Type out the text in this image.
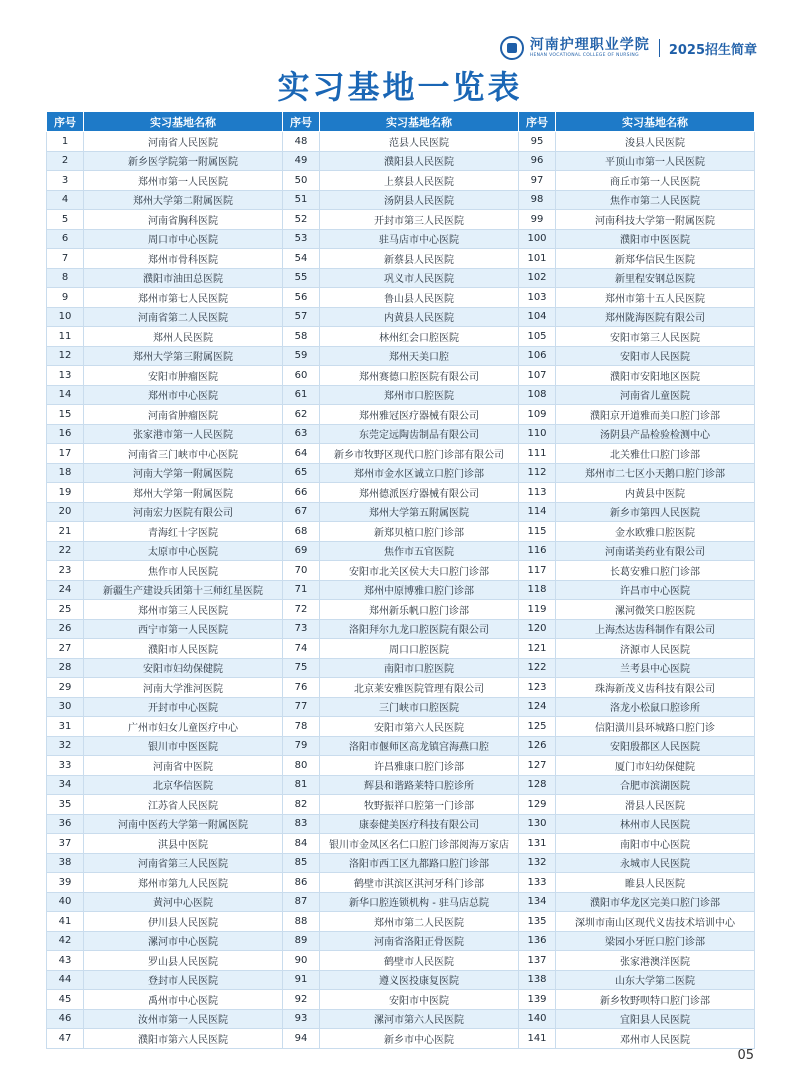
河南护理职业学院
HENAN VOCATIONAL COLLEGE OF NURSING	2025招生简章
实习基地一览表
序号	实习基地名称	序号	实习基地名称	序号	实习基地名称
1	河南省人民医院	48	范县人民医院	95	浚县人民医院
2	新乡医学院第一附属医院	49	濮阳县人民医院	96	平顶山市第一人民医院
3	郑州市第一人民医院	50	上蔡县人民医院	97	商丘市第一人民医院
4	郑州大学第二附属医院	51	汤阴县人民医院	98	焦作市第二人民医院
5	河南省胸科医院	52	开封市第三人民医院	99	河南科技大学第一附属医院
6	周口市中心医院	53	驻马店市中心医院	100	濮阳市中医医院
7	郑州市骨科医院	54	新蔡县人民医院	101	新郑华信民生医院
8	濮阳市油田总医院	55	巩义市人民医院	102	新里程安钢总医院
9	郑州市第七人民医院	56	鲁山县人民医院	103	郑州市第十五人民医院
10	河南省第二人民医院	57	内黄县人民医院	104	郑州陇海医院有限公司
11	郑州人民医院	58	林州红会口腔医院	105	安阳市第三人民医院
12	郑州大学第三附属医院	59	郑州天美口腔	106	安阳市人民医院
13	安阳市肿瘤医院	60	郑州赛德口腔医院有限公司	107	濮阳市安阳地区医院
14	郑州市中心医院	61	郑州市口腔医院	108	河南省儿童医院
15	河南省肿瘤医院	62	郑州雅冠医疗器械有限公司	109	濮阳京开道雅而美口腔门诊部
16	张家港市第一人民医院	63	东莞定远陶齿制品有限公司	110	汤阴县产品检验检测中心
17	河南省三门峡市中心医院	64	新乡市牧野区现代口腔门诊部有限公司	111	北关雅仕口腔门诊部
18	河南大学第一附属医院	65	郑州市金水区诚立口腔门诊部	112	郑州市二七区小天鹅口腔门诊部
19	郑州大学第一附属医院	66	郑州德派医疗器械有限公司	113	内黄县中医院
20	河南宏力医院有限公司	67	郑州大学第五附属医院	114	新乡市第四人民医院
21	青海红十字医院	68	新郑贝植口腔门诊部	115	金水欧雅口腔医院
22	太原市中心医院	69	焦作市五官医院	116	河南诺美药业有限公司
23	焦作市人民医院	70	安阳市北关区侯大夫口腔门诊部	117	长葛安雅口腔门诊部
24	新疆生产建设兵团第十三师红星医院	71	郑州中原博雅口腔门诊部	118	许昌市中心医院
25	郑州市第三人民医院	72	郑州新乐帆口腔门诊部	119	漯河微笑口腔医院
26	西宁市第一人民医院	73	洛阳拜尔九龙口腔医院有限公司	120	上海杰达齿科制作有限公司
27	濮阳市人民医院	74	周口口腔医院	121	济源市人民医院
28	安阳市妇幼保健院	75	南阳市口腔医院	122	兰考县中心医院
29	河南大学淮河医院	76	北京莱安雅医院管理有限公司	123	珠海新茂义齿科技有限公司
30	开封市中心医院	77	三门峡市口腔医院	124	洛龙小松鼠口腔诊所
31	广州市妇女儿童医疗中心	78	安阳市第六人民医院	125	信阳潢川县环城路口腔门诊
32	银川市中医医院	79	洛阳市偃师区高龙镇宫海燕口腔	126	安阳殷都区人民医院
33	河南省中医院	80	许昌雅康口腔门诊部	127	厦门市妇幼保健院
34	北京华信医院	81	辉县和谐路莱特口腔诊所	128	合肥市滨湖医院
35	江苏省人民医院	82	牧野振祥口腔第一门诊部	129	滑县人民医院
36	河南中医药大学第一附属医院	83	康泰健美医疗科技有限公司	130	林州市人民医院
37	淇县中医院	84	银川市金凤区名仁口腔门诊部阅海万家店	131	南阳市中心医院
38	河南省第三人民医院	85	洛阳市西工区九都路口腔门诊部	132	永城市人民医院
39	郑州市第九人民医院	86	鹤壁市淇滨区淇河牙科门诊部	133	睢县人民医院
40	黄河中心医院	87	新华口腔连锁机构 - 驻马店总院	134	濮阳市华龙区完美口腔门诊部
41	伊川县人民医院	88	郑州市第二人民医院	135	深圳市南山区现代义齿技术培训中心
42	漯河市中心医院	89	河南省洛阳正骨医院	136	梁园小牙匠口腔门诊部
43	罗山县人民医院	90	鹤壁市人民医院	137	张家港澳洋医院
44	登封市人民医院	91	遵义医投康复医院	138	山东大学第二医院
45	禹州市中心医院	92	安阳市中医院	139	新乡牧野呗特口腔门诊部
46	汝州市第一人民医院	93	漯河市第六人民医院	140	宜阳县人民医院
47	濮阳市第六人民医院	94	新乡市中心医院	141	邓州市人民医院
05
